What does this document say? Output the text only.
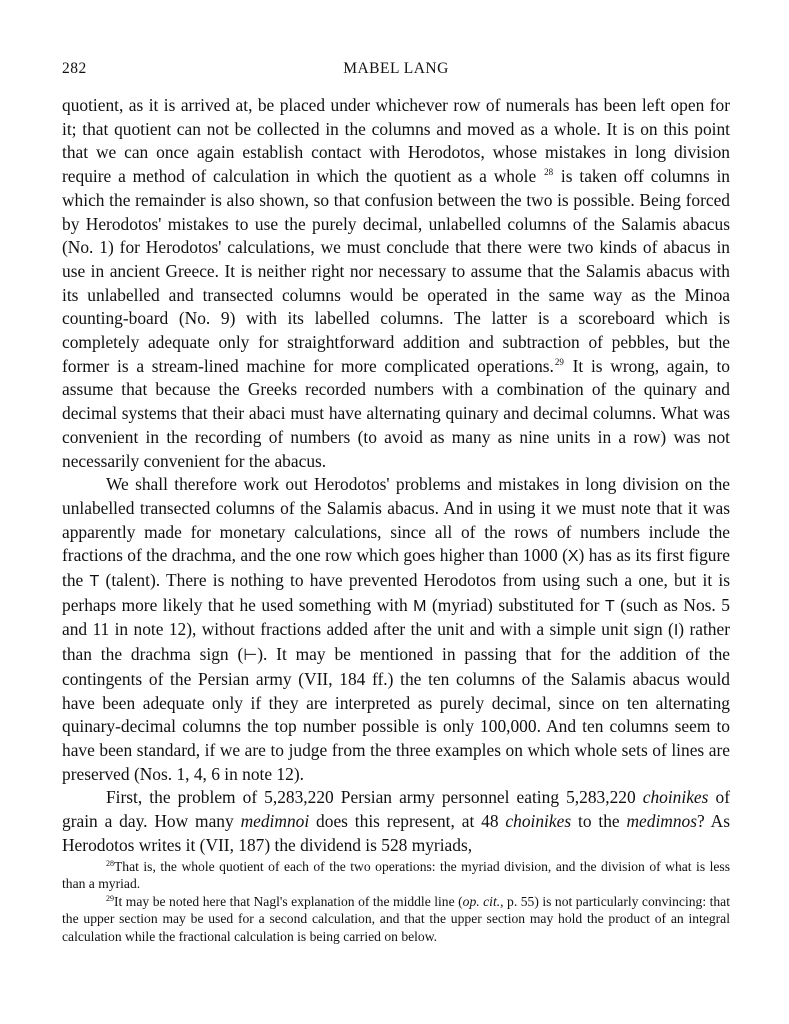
282	MABEL LANG

quotient, as it is arrived at, be placed under whichever row of numerals has been left open for it; that quotient can not be collected in the columns and moved as a whole. It is on this point that we can once again establish contact with Herodotos, whose mistakes in long division require a method of calculation in which the quotient as a whole $^{28}$ is taken off columns in which the remainder is also shown, so that confusion between the two is possible. Being forced by Herodotos' mistakes to use the purely decimal, unlabelled columns of the Salamis abacus (No. 1) for Herodotos' calculations, we must conclude that there were two kinds of abacus in use in ancient Greece. It is neither right nor necessary to assume that the Salamis abacus with its unlabelled and transected columns would be operated in the same way as the Minoa counting-board (No. 9) with its labelled columns. The latter is a scoreboard which is completely adequate only for straightforward addition and subtraction of pebbles, but the former is a stream-lined machine for more complicated operations.$^{29}$ It is wrong, again, to assume that because the Greeks recorded numbers with a combination of the quinary and decimal systems that their abaci must have alternating quinary and decimal columns. What was convenient in the recording of numbers (to avoid as many as nine units in a row) was not necessarily convenient for the abacus.

We shall therefore work out Herodotos' problems and mistakes in long division on the unlabelled transected columns of the Salamis abacus. And in using it we must note that it was apparently made for monetary calculations, since all of the rows of numbers include the fractions of the drachma, and the one row which goes higher than 1000 (X) has as its first figure the T (talent). There is nothing to have prevented Herodotos from using such a one, but it is perhaps more likely that he used something with M (myriad) substituted for T (such as Nos. 5 and 11 in note 12), without fractions added after the unit and with a simple unit sign (I) rather than the drachma sign (⊢). It may be mentioned in passing that for the addition of the contingents of the Persian army (VII, 184 ff.) the ten columns of the Salamis abacus would have been adequate only if they are interpreted as purely decimal, since on ten alternating quinary-decimal columns the top number possible is only 100,000. And ten columns seem to have been standard, if we are to judge from the three examples on which whole sets of lines are preserved (Nos. 1, 4, 6 in note 12).

First, the problem of 5,283,220 Persian army personnel eating 5,283,220 choinikes of grain a day. How many medimnoi does this represent, at 48 choinikes to the medimnos? As Herodotos writes it (VII, 187) the dividend is 528 myriads,

$^{28}$That is, the whole quotient of each of the two operations: the myriad division, and the division of what is less than a myriad.

$^{29}$It may be noted here that Nagl's explanation of the middle line (op. cit., p. 55) is not particularly convincing: that the upper section may be used for a second calculation, and that the upper section may hold the product of an integral calculation while the fractional calculation is being carried on below.
